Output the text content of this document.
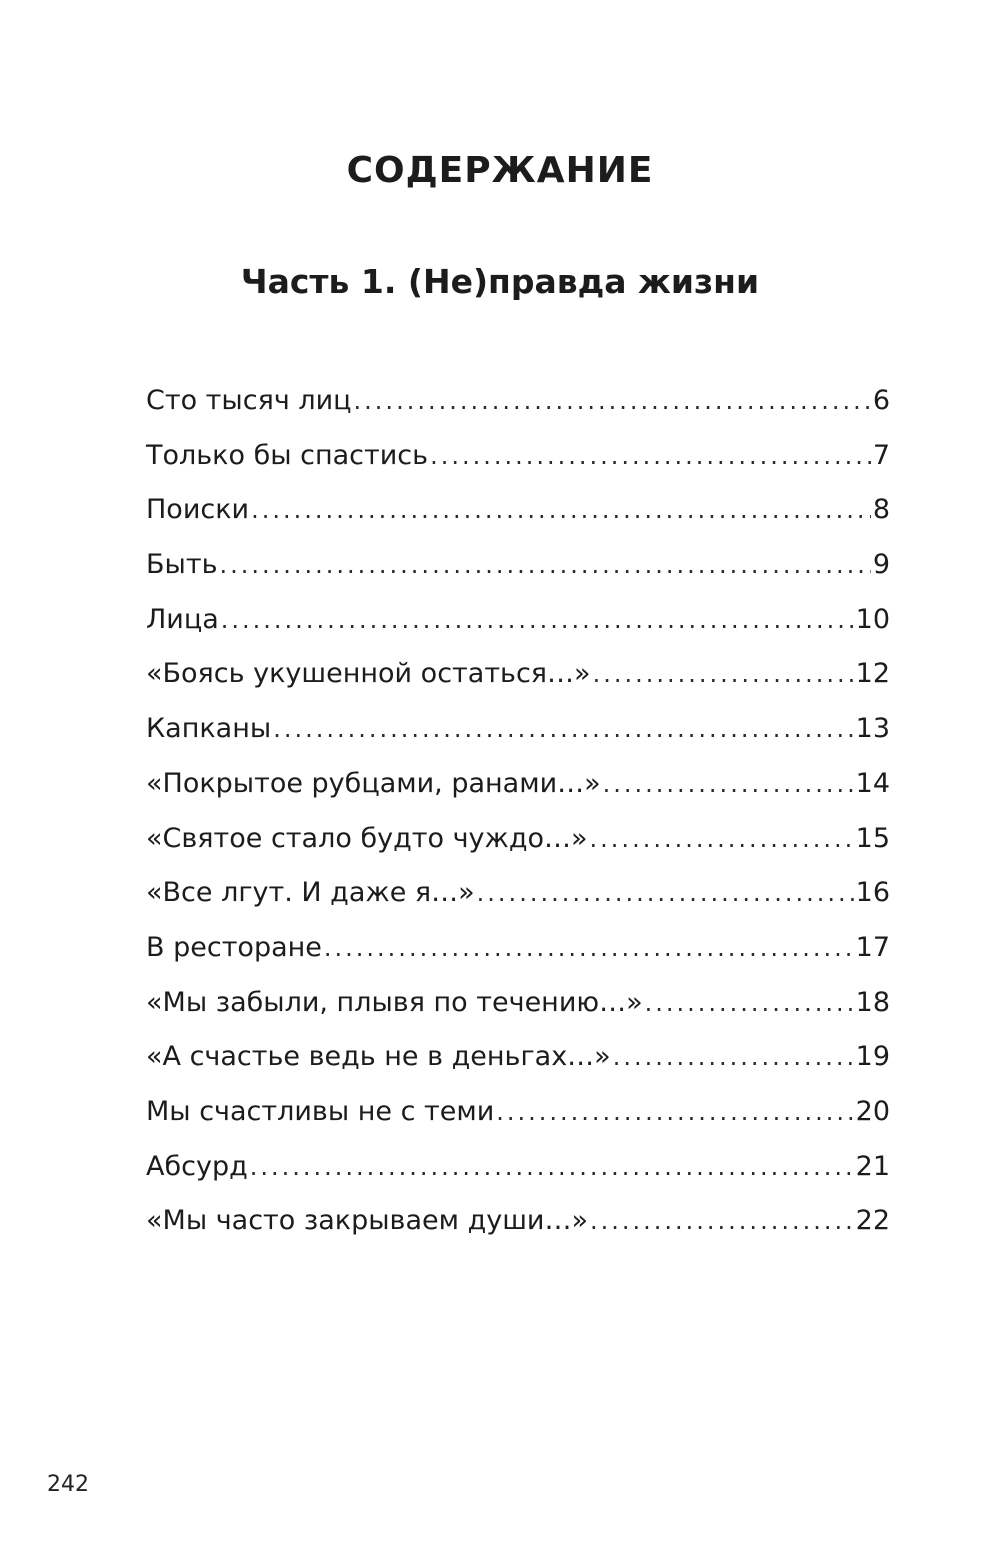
СОДЕРЖАНИЕ
Часть 1. (Не)правда жизни
Сто тысяч лиц .....	6
Только бы спастись .....	7
Поиски .....	8
Быть .....	9
Лица .....	10
«Боясь укушенной остаться…» .....	12
Капканы .....	13
«Покрытое рубцами, ранами…» .....	14
«Святое стало будто чуждо…» .....	15
«Все лгут. И даже я…» .....	16
В ресторане .....	17
«Мы забыли, плывя по течению…» .....	18
«А счастье ведь не в деньгах…» .....	19
Мы счастливы не с теми .....	20
Абсурд .....	21
«Мы часто закрываем души…» .....	22
242
